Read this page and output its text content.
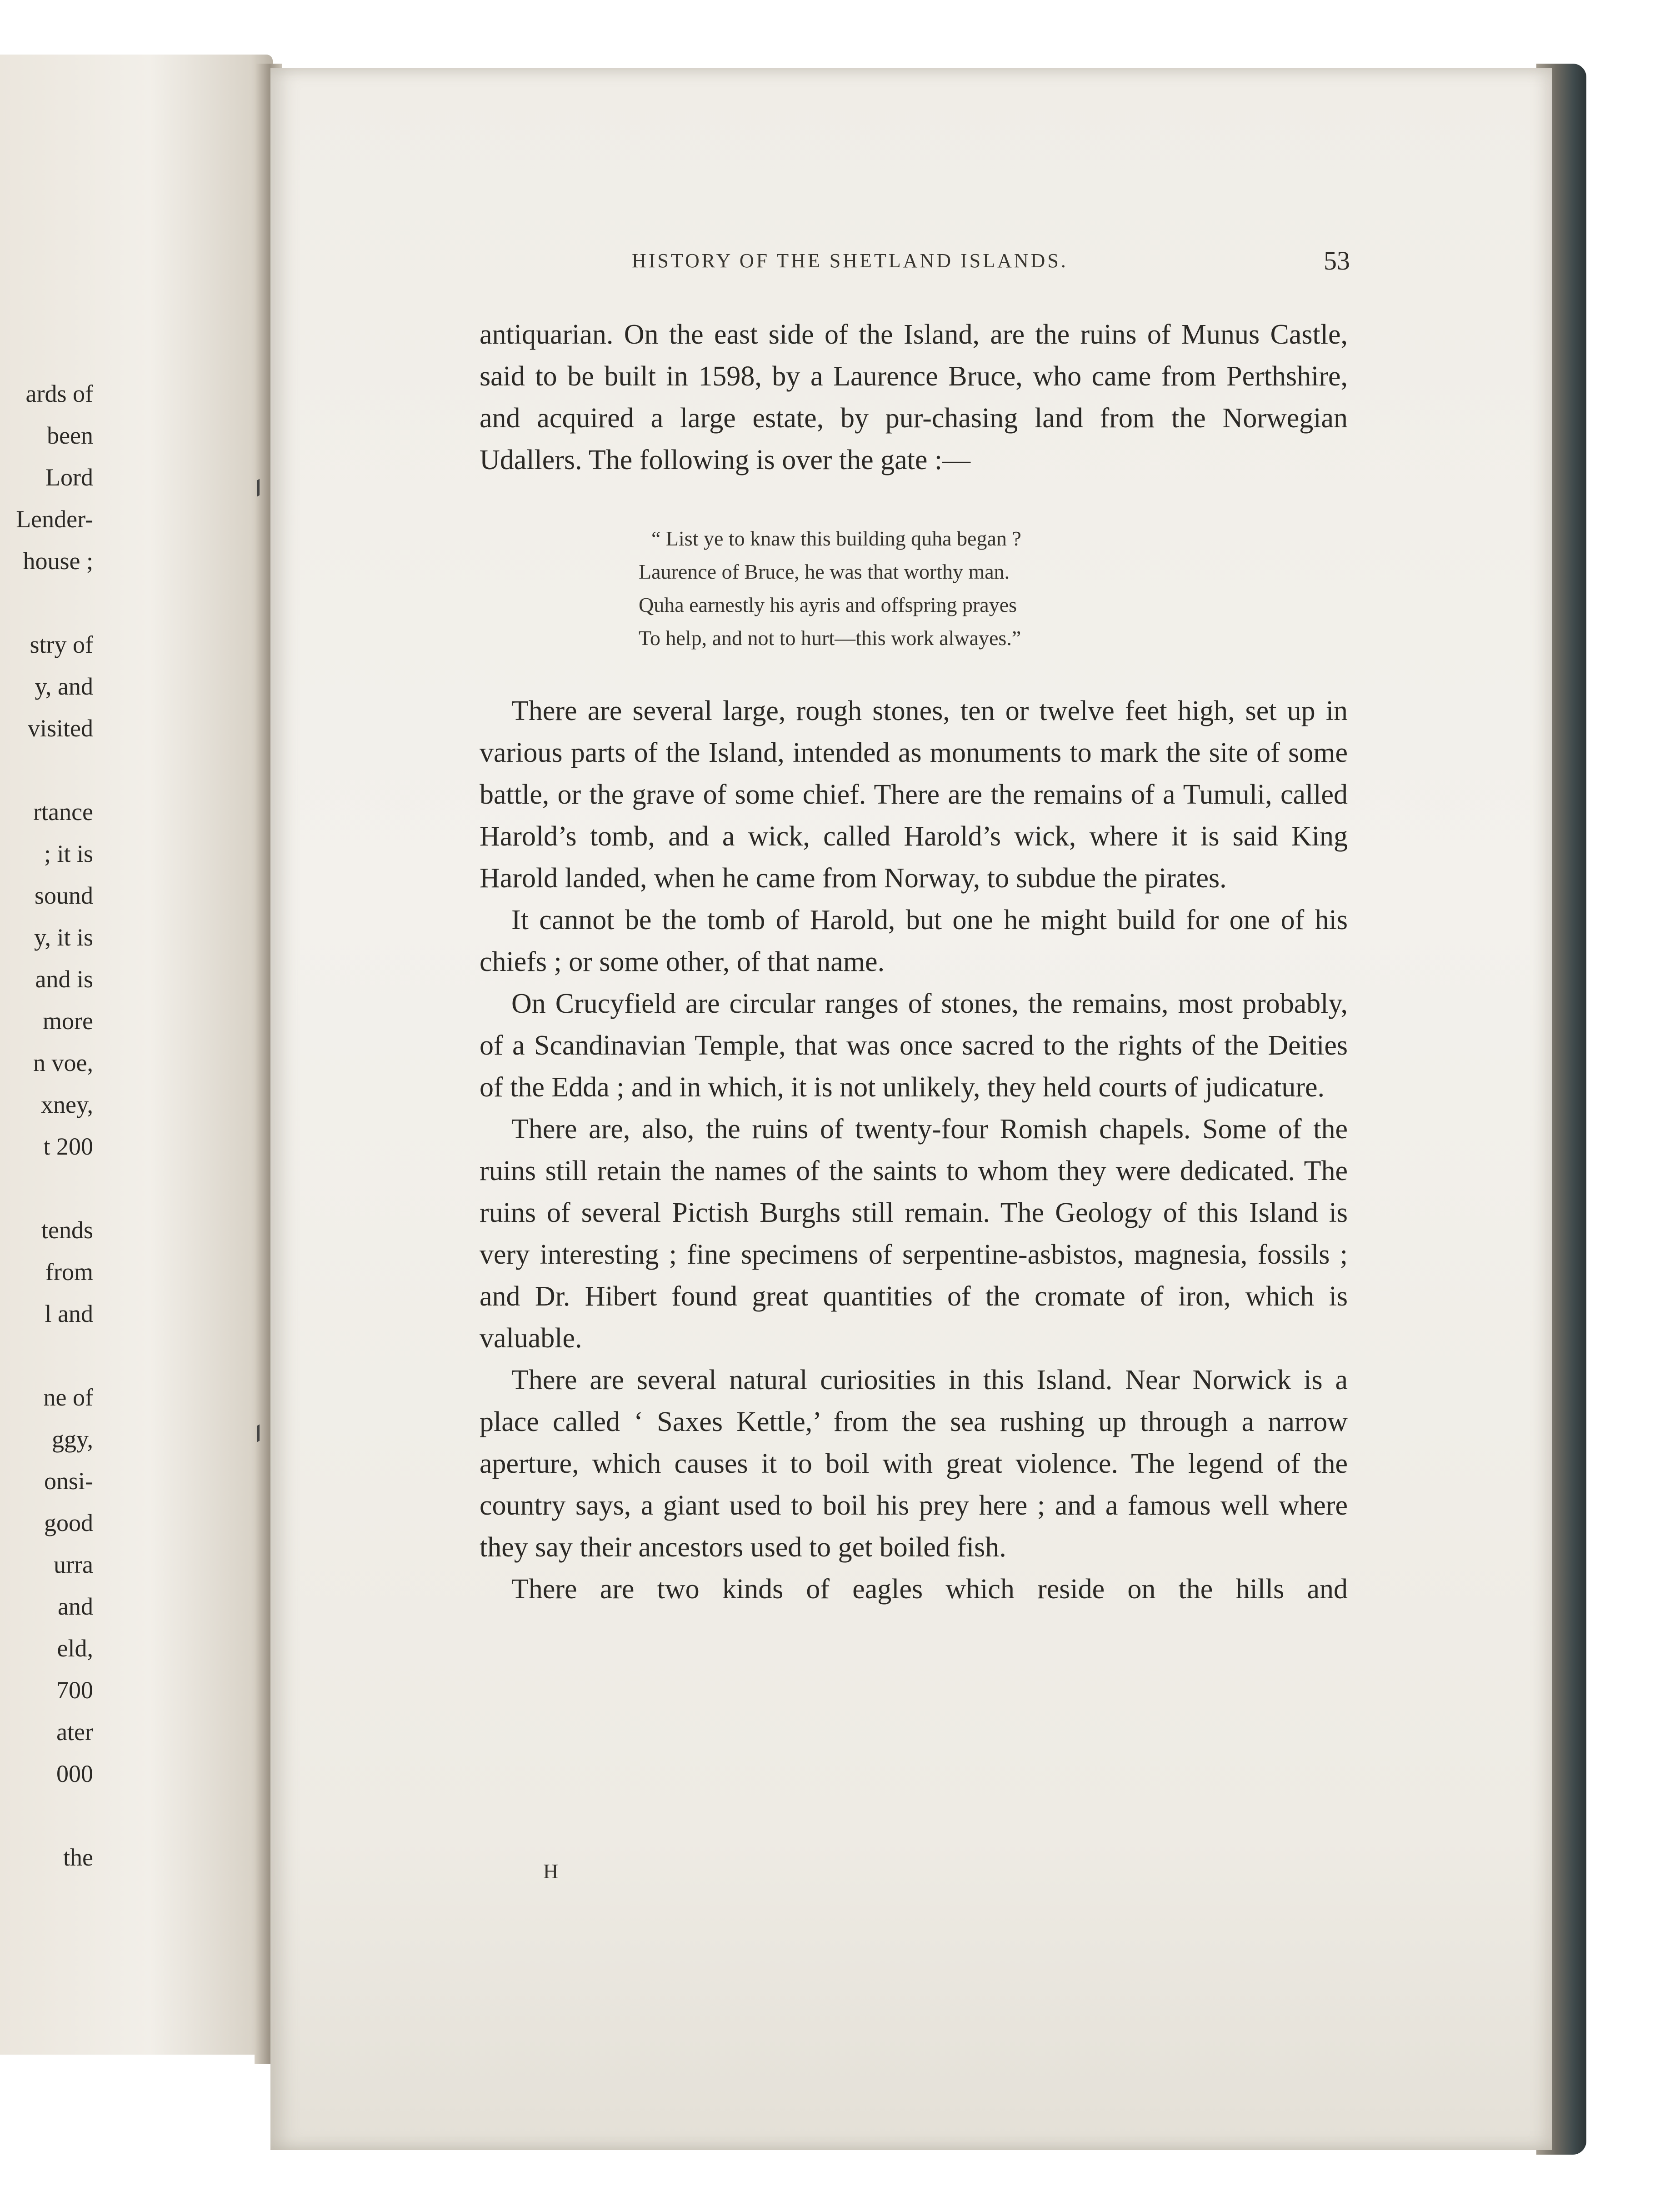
ards of
been
Lord
Lender-
house ;
stry of
y, and
visited
rtance
; it is
sound
y, it is
and is
more
n voe,
xney,
t 200
tends
from
l and
ne of
ggy,
onsi-
good
urra
and
eld,
700
ater
000
the
HISTORY OF THE SHETLAND ISLANDS.	53

antiquarian. On the east side of the Island, are the ruins of Munus Castle, said to be built in 1598, by a Laurence Bruce, who came from Perthshire, and acquired a large estate, by pur-chasing land from the Norwegian Udallers. The following is over the gate :—

“ List ye to knaw this building quha began ?
Laurence of Bruce, he was that worthy man.
Quha earnestly his ayris and offspring prayes
To help, and not to hurt—this work alwayes.”

There are several large, rough stones, ten or twelve feet high, set up in various parts of the Island, intended as monuments to mark the site of some battle, or the grave of some chief. There are the remains of a Tumuli, called Harold’s tomb, and a wick, called Harold’s wick, where it is said King Harold landed, when he came from Norway, to subdue the pirates.

It cannot be the tomb of Harold, but one he might build for one of his chiefs ; or some other, of that name.

On Crucyfield are circular ranges of stones, the remains, most probably, of a Scandinavian Temple, that was once sacred to the rights of the Deities of the Edda ; and in which, it is not unlikely, they held courts of judicature.

There are, also, the ruins of twenty-four Romish chapels. Some of the ruins still retain the names of the saints to whom they were dedicated. The ruins of several Pictish Burghs still remain. The Geology of this Island is very interesting ; fine specimens of serpentine-asbistos, magnesia, fossils ; and Dr. Hibert found great quantities of the cromate of iron, which is valuable.

There are several natural curiosities in this Island. Near Norwick is a place called ‘ Saxes Kettle,’ from the sea rushing up through a narrow aperture, which causes it to boil with great violence. The legend of the country says, a giant used to boil his prey here ; and a famous well where they say their ancestors used to get boiled fish.

There are two kinds of eagles which reside on the hills and

H
